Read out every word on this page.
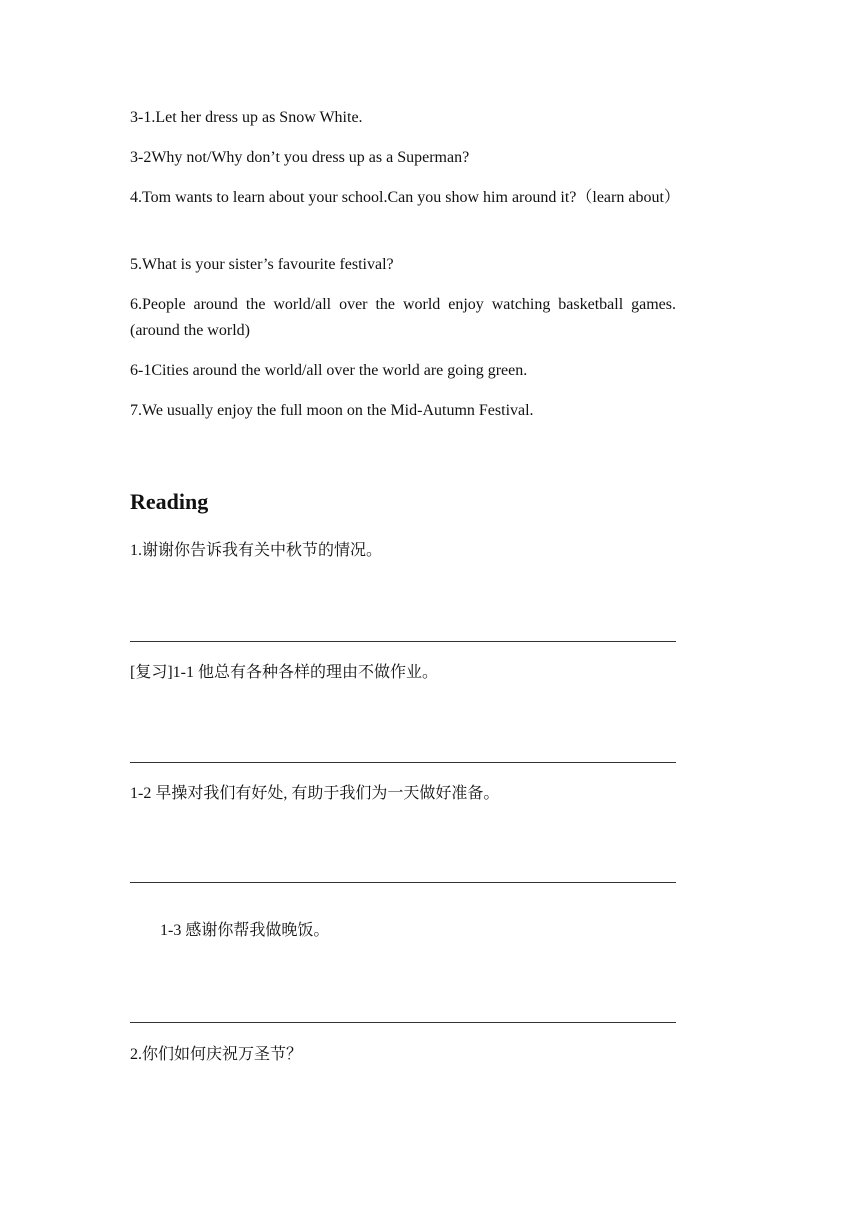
3-1.Let her dress up as Snow White.

3-2Why not/Why don’t you dress up as a Superman?

4.Tom wants to learn about your school.Can you show him around it?（learn about）

5.What is your sister’s favourite festival?

6.People around the world/all over the world enjoy watching basketball games.(around the world)

6-1Cities around the world/all over the world are going green.

7.We usually enjoy the full moon on the Mid-Autumn Festival.

Reading

1.谢谢你告诉我有关中秋节的情况。

[复习]1-1 他总有各种各样的理由不做作业。

1-2 早操对我们有好处, 有助于我们为一天做好准备。

1-3 感谢你帮我做晚饭。

2.你们如何庆祝万圣节？
